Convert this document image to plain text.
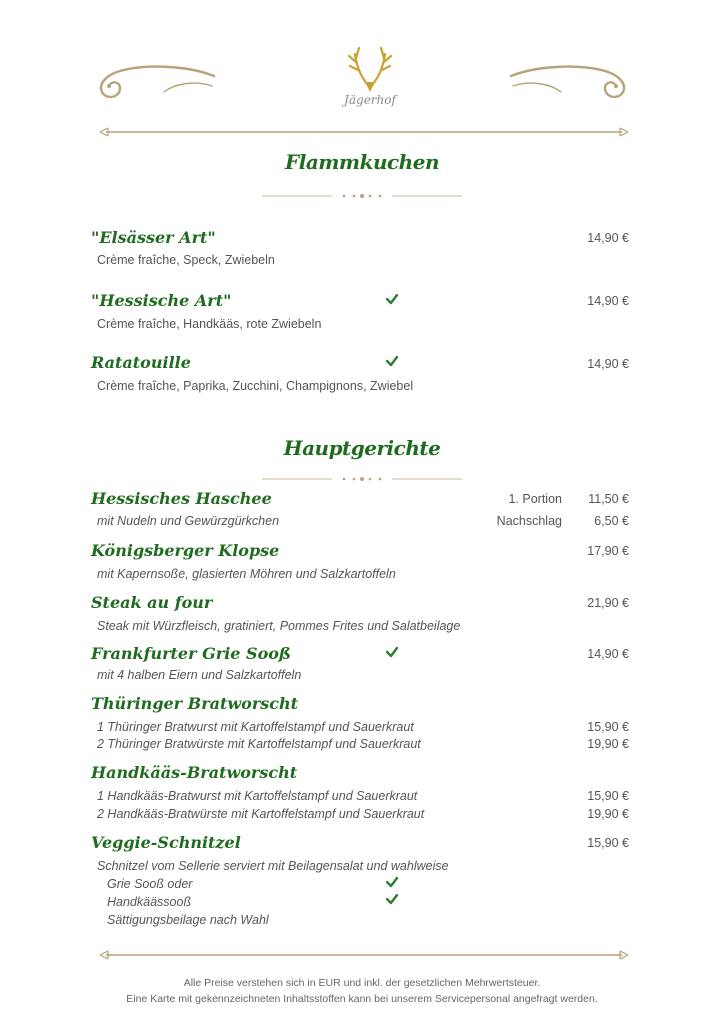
Jägerhof
Flammkuchen
"Elsässer Art"	14,90 €
Crème fraîche, Speck, Zwiebeln
"Hessische Art"	14,90 €
Crème fraîche, Handkääs, rote Zwiebeln
Ratatouille	14,90 €
Crème fraîche, Paprika, Zucchini, Champignons, Zwiebel
Hauptgerichte
Hessisches Haschee	1. Portion 11,50 €
mit Nudeln und Gewürzgürkchen	Nachschlag	6,50 €
Königsberger Klopse	17,90 €
mit Kapernsoße, glasierten Möhren und Salzkartoffeln
Steak au four	21,90 €
Steak mit Würzfleisch, gratiniert, Pommes Frites und Salatbeilage
Frankfurter Grie Sooß	14,90 €
mit 4 halben Eiern und Salzkartoffeln
Thüringer Bratworscht
1 Thüringer Bratwurst mit Kartoffelstampf und Sauerkraut	15,90 €
2 Thüringer Bratwürste mit Kartoffelstampf und Sauerkraut	19,90 €
Handkääs-Bratworscht
1 Handkääs-Bratwurst mit Kartoffelstampf und Sauerkraut	15,90 €
2 Handkääs-Bratwürste mit Kartoffelstampf und Sauerkraut	19,90 €
Veggie-Schnitzel	15,90 €
Schnitzel vom Sellerie serviert mit Beilagensalat und wahlweise
Grie Sooß oder
Handkäässooß
Sättigungsbeilage nach Wahl
Alle Preise verstehen sich in EUR und inkl. der gesetzlichen Mehrwertsteuer.
Eine Karte mit gekennzeichneten Inhaltsstoffen kann bei unserem Servicepersonal angefragt werden.
